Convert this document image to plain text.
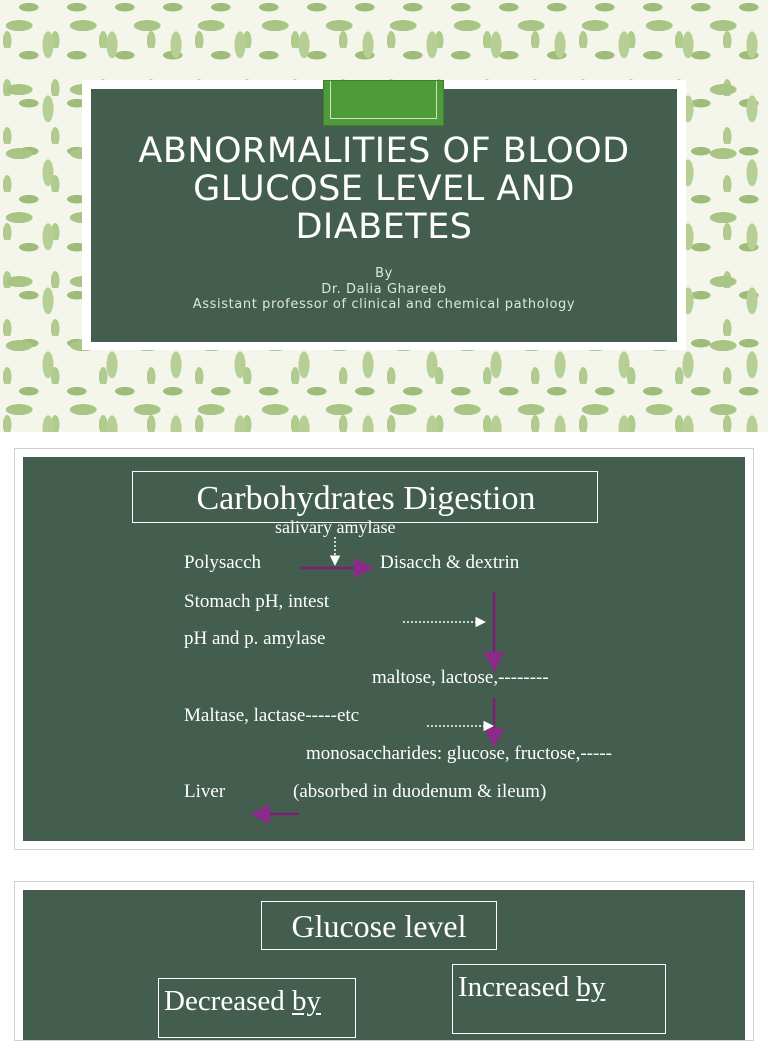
ABNORMALITIES OF BLOOD
GLUCOSE LEVEL AND
DIABETES
By
Dr. Dalia Ghareeb
Assistant professor of clinical and chemical pathology
Carbohydrates Digestion
salivary amylase
Polysacch	Disacch & dextrin
Stomach pH, intest
pH and p. amylase
maltose, lactose,--------
Maltase, lactase-----etc
monosaccharides: glucose, fructose,-----
Liver	(absorbed in duodenum & ileum)
Glucose level
Decreased by	Increased by
